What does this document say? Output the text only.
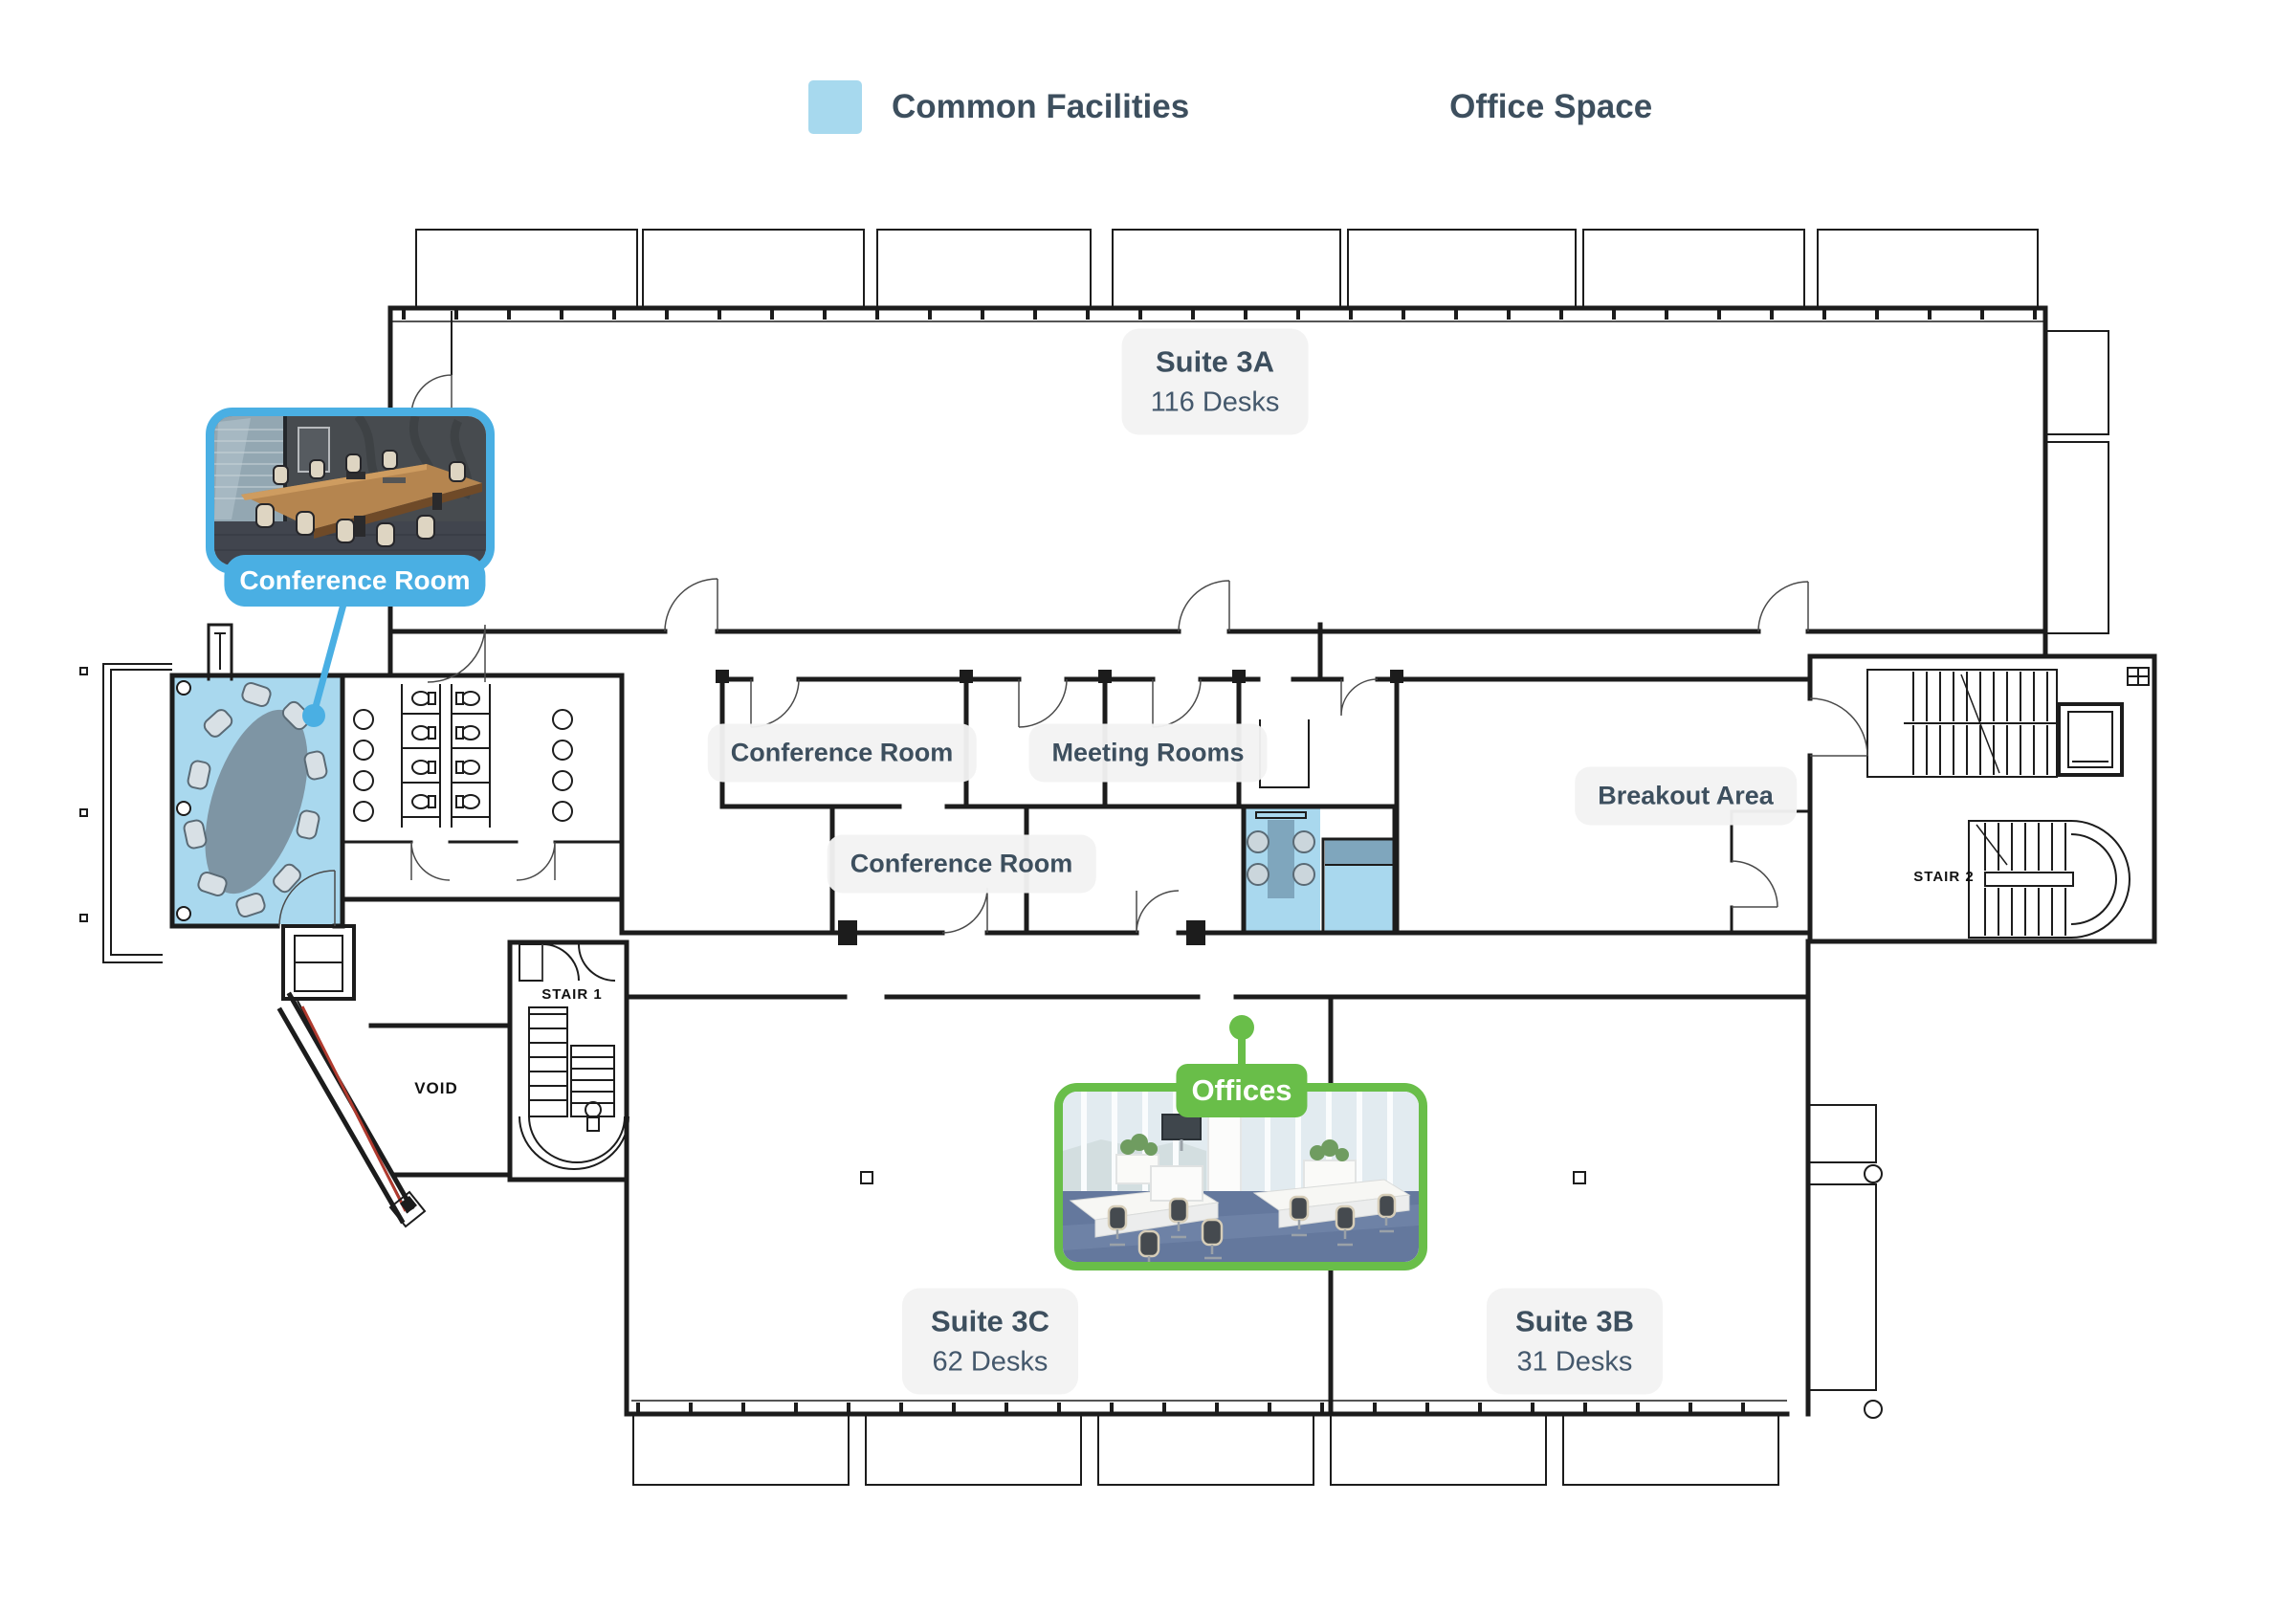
STAIR 1
STAIR 2
VOID
Common Facilities	Office Space
Suite 3A
116 Desks
Conference Room	Meeting Rooms
Conference Room
Breakout Area
Suite 3C
62 Desks
Suite 3B
31 Desks
Conference Room
Offices
